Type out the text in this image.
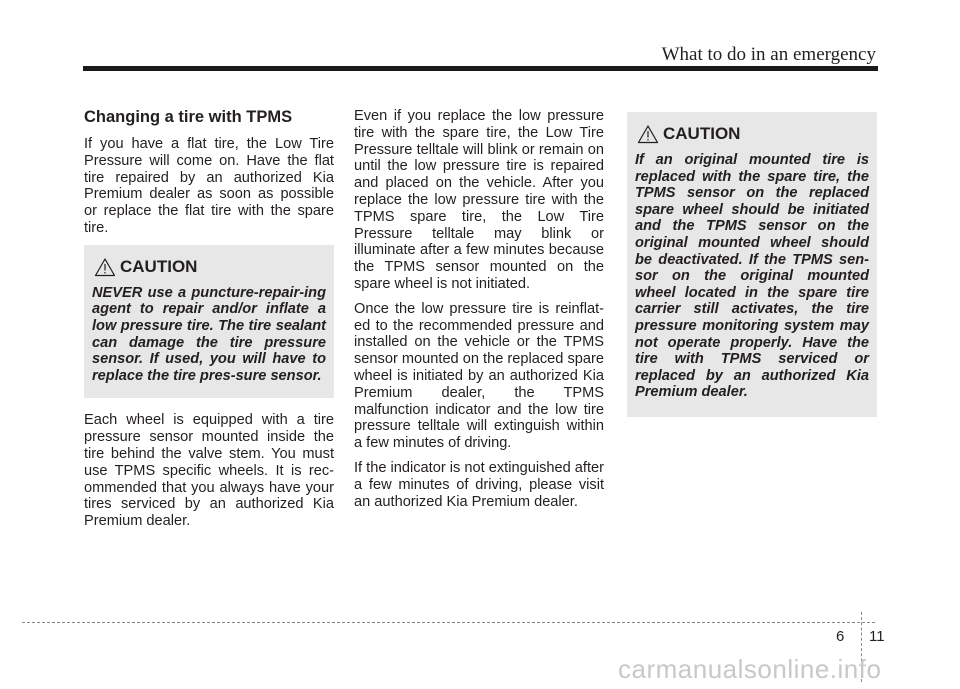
What to do in an emergency
Changing a tire with TPMS

If you have a flat tire, the Low Tire Pressure will come on. Have the flat tire repaired by an authorized Kia Premium dealer as soon as possible or replace the flat tire with the spare tire.

CAUTION

NEVER use a puncture-repair-ing agent to repair and/or inflate a low pressure tire. The tire sealant can damage the tire pressure sensor. If used, you will have to replace the tire pres-sure sensor.

Each wheel is equipped with a tire pressure sensor mounted inside the tire behind the valve stem. You must use TPMS specific wheels. It is rec-ommended that you always have your tires serviced by an authorized Kia Premium dealer.

Even if you replace the low pressure tire with the spare tire, the Low Tire Pressure telltale will blink or remain on until the low pressure tire is repaired and placed on the vehicle. After you replace the low pressure tire with the TPMS spare tire, the Low Tire Pressure telltale may blink or illuminate after a few minutes because the TPMS sensor mounted on the spare wheel is not initiated.

Once the low pressure tire is reinflat-ed to the recommended pressure and installed on the vehicle or the TPMS sensor mounted on the replaced spare wheel is initiated by an authorized Kia Premium dealer, the TPMS malfunction indicator and the low tire pressure telltale will extinguish within a few minutes of driving.

If the indicator is not extinguished after a few minutes of driving, please visit an authorized Kia Premium dealer.

CAUTION

If an original mounted tire is replaced with the spare tire, the TPMS sensor on the replaced spare wheel should be initiated and the TPMS sensor on the original mounted wheel should be deactivated. If the TPMS sen-sor on the original mounted wheel located in the spare tire carrier still activates, the tire pressure monitoring system may not operate properly. Have the tire with TPMS serviced or replaced by an authorized Kia Premium dealer.

6 11
carmanualsonline.info
